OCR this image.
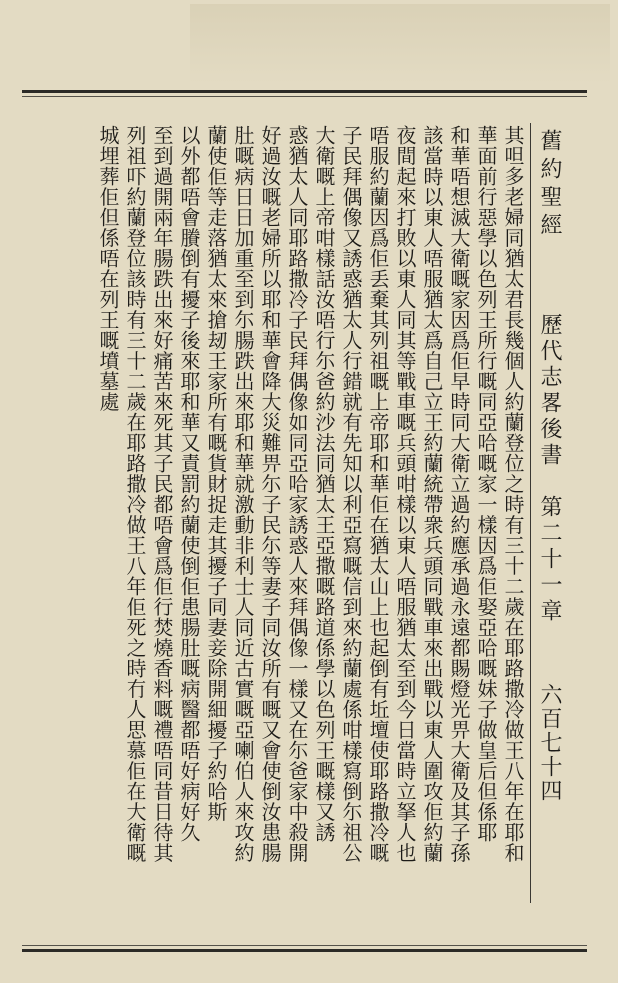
舊約聖經
歷代志畧後書　第二十一章
六百七十四
其呾多老婦同猶太君長幾個人約蘭登位之時有三十二歲在耶路撒冷做王八年在耶和
華面前行惡學以色列王所行嘅同亞哈嘅家一樣因爲佢娶亞哈嘅妹子做皇后但係耶
和華唔想滅大衛嘅家因爲佢早時同大衛立過約應承過永遠都賜燈光畀大衛及其子孫
該當時以東人唔服猶太爲自己立王約蘭統帶衆兵頭同戰車來出戰以東人圍攻佢約蘭
夜間起來打敗以東人同其等戰車嘅兵頭咁樣以東人唔服猶太至到今日當時立拏人也
唔服約蘭因爲佢丢棄其列祖嘅上帝耶和華佢在猶太山上也起倒有坵壇使耶路撒冷嘅
子民拜偶像又誘惑猶太人行錯就有先知以利亞寫嘅信到來約蘭處係咁樣寫倒尓祖公
大衛嘅上帝咁樣話汝唔行尓爸約沙法同猶太王亞撒嘅路道係學以色列王嘅樣又誘
惑猶太人同耶路撒冷子民拜偶像如同亞哈家誘惑人來拜偶像一樣又在尓爸家中殺開
好過汝嘅老婦所以耶和華會降大災難畀尓子民尓等妻子同汝所有嘅又會使倒汝患腸
肚嘅病日日加重至到尓腸跌出來耶和華就激動非利士人同近古實嘅亞喇伯人來攻約
蘭使佢等走落猶太來搶刼王家所有嘅貨財捉走其擾子同妻妾除開細擾子約哈斯
以外都唔會賸倒有擾子後來耶和華又責罰約蘭使倒佢患腸肚嘅病醫都唔好病好久
至到過開兩年腸跌出來好痛苦來死其子民都唔會爲佢行焚燒香料嘅禮唔同昔日待其
列祖吓約蘭登位該時有三十二歲在耶路撒冷做王八年佢死之時冇人思慕佢在大衛嘅
城埋葬佢但係唔在列王嘅墳墓處
